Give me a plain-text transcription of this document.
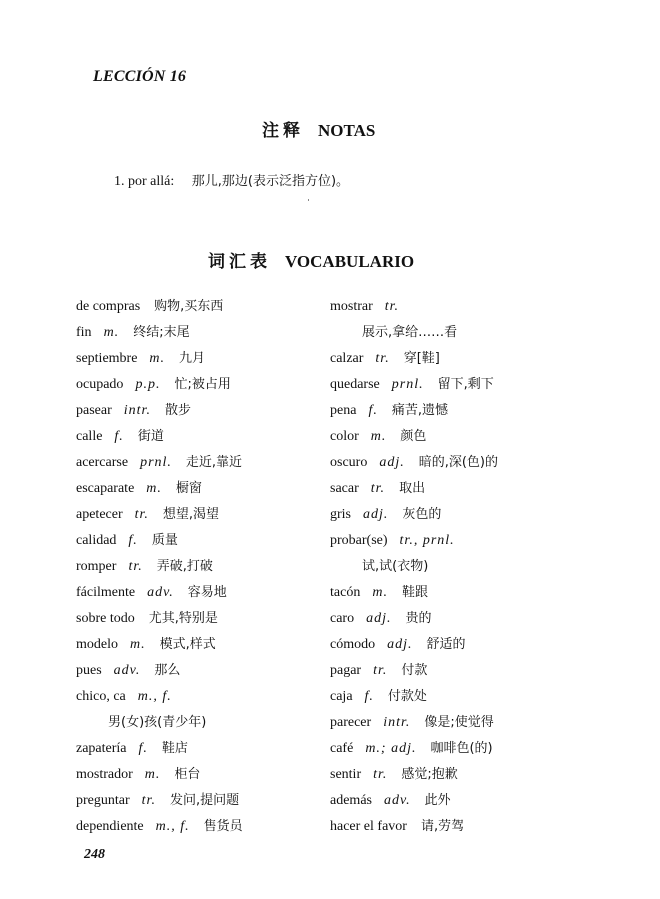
LECCIÓN 16
注释 NOTAS
1. por allá: 那儿,那边(表示泛指方位)。
词汇表 VOCABULARIO
de compras 购物,买东西
fin m. 终结;末尾
septiembre m. 九月
ocupado p.p. 忙;被占用
pasear intr. 散步
calle f. 街道
acercarse prnl. 走近,靠近
escaparate m. 橱窗
apetecer tr. 想望,渴望
calidad f. 质量
romper tr. 弄破,打破
fácilmente adv. 容易地
sobre todo 尤其,特别是
modelo m. 模式,样式
pues adv. 那么
chico, ca m., f.
男(女)孩(青少年)
zapatería f. 鞋店
mostrador m. 柜台
preguntar tr. 发问,提问题
dependiente m., f. 售货员
mostrar tr.
展示,拿给……看
calzar tr. 穿[鞋]
quedarse prnl. 留下,剩下
pena f. 痛苦,遗憾
color m. 颜色
oscuro adj. 暗的,深(色)的
sacar tr. 取出
gris adj. 灰色的
probar(se) tr., prnl.
试,试(衣物)
tacón m. 鞋跟
caro adj. 贵的
cómodo adj. 舒适的
pagar tr. 付款
caja f. 付款处
parecer intr. 像是;使觉得
café m.; adj. 咖啡色(的)
sentir tr. 感觉;抱歉
además adv. 此外
hacer el favor 请,劳驾
248
